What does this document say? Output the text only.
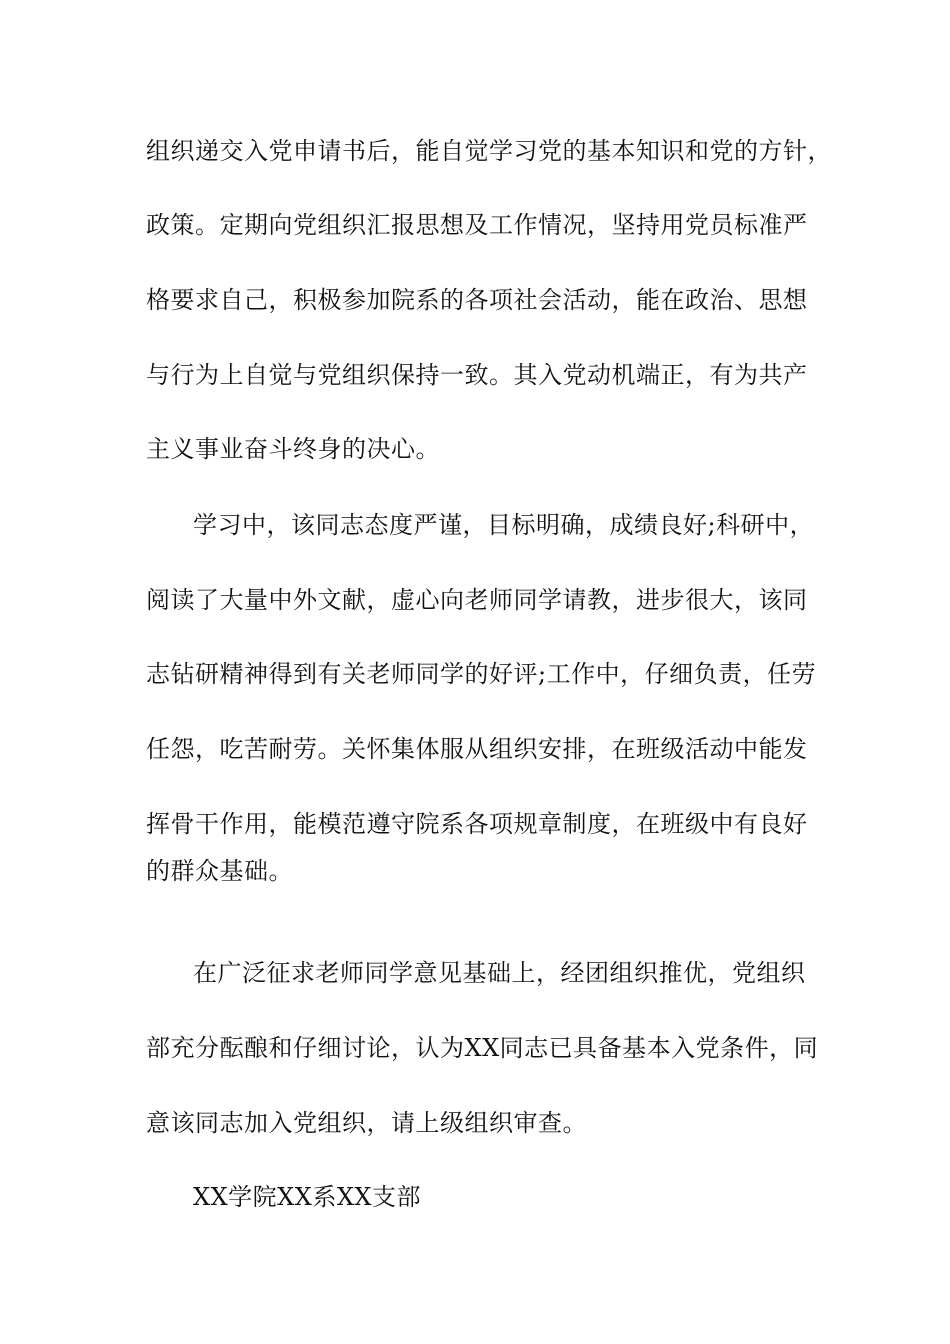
组织递交入党申请书后，能自觉学习党的基本知识和党的方针，
政策。定期向党组织汇报思想及工作情况，坚持用党员标准严
格要求自己，积极参加院系的各项社会活动，能在政治、思想
与行为上自觉与党组织保持一致。其入党动机端正，有为共产
主义事业奋斗终身的决心。
学习中，该同志态度严谨，目标明确，成绩良好;科研中，
阅读了大量中外文献，虚心向老师同学请教，进步很大，该同
志钻研精神得到有关老师同学的好评;工作中，仔细负责，任劳
任怨，吃苦耐劳。关怀集体服从组织安排，在班级活动中能发
挥骨干作用，能模范遵守院系各项规章制度，在班级中有良好
的群众基础。
在广泛征求老师同学意见基础上，经团组织推优，党组织
部充分酝酿和仔细讨论，认为XX同志已具备基本入党条件，同
意该同志加入党组织，请上级组织审查。
XX学院XX系XX支部
